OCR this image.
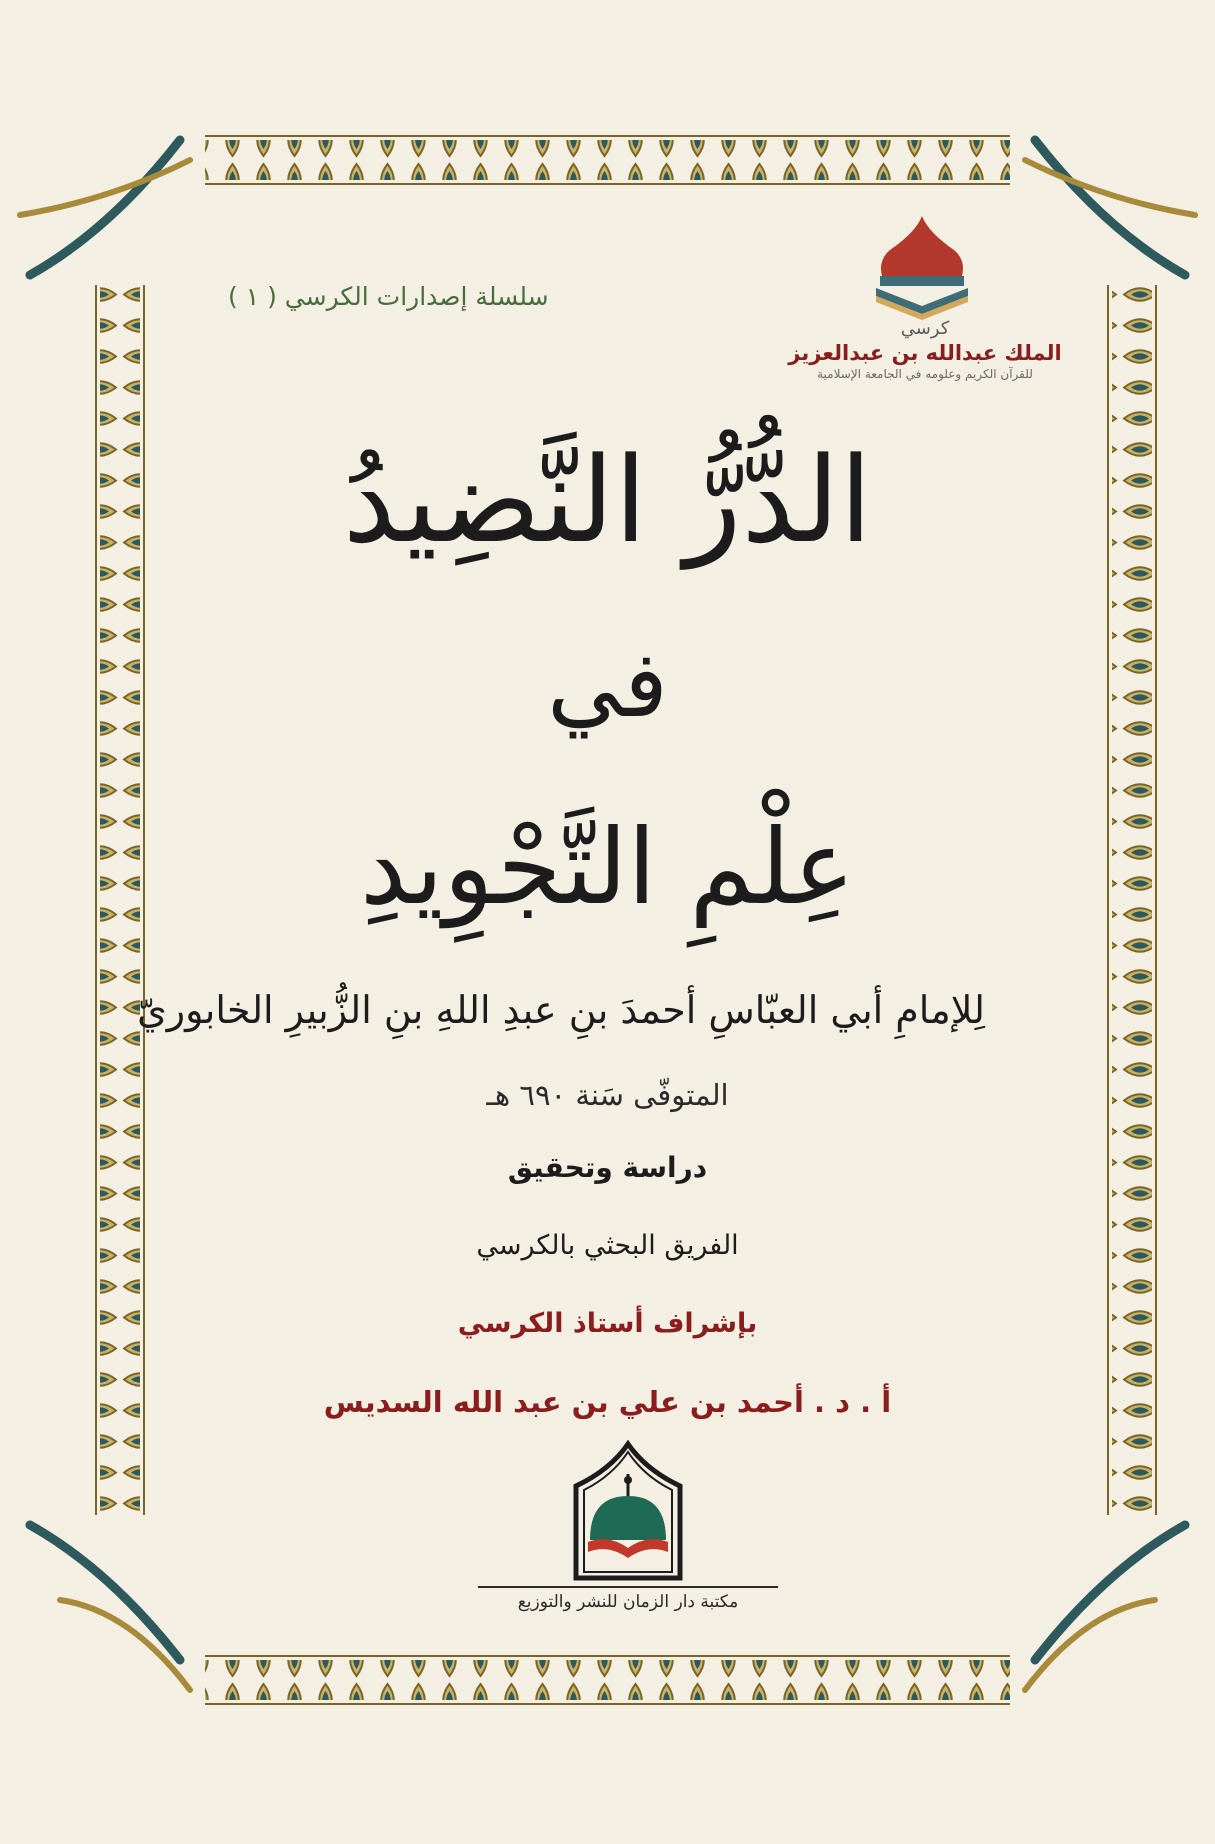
سلسلة إصدارات الكرسي ( ١ )
كرسي
الملك عبدالله بن عبدالعزيز
للقرآن الكريم وعلومه في الجامعة الإسلامية
الدُّرُّ النَّضِيدُ
في
عِلْمِ التَّجْوِيدِ
لِلإمامِ أبي العبّاسِ أحمدَ بنِ عبدِ اللهِ بنِ الزُّبيرِ الخابوريّ
المتوفّى سَنة ٦٩٠ هـ
دراسة وتحقيق
الفريق البحثي بالكرسي
بإشراف أستاذ الكرسي
أ . د . أحمد بن علي بن عبد الله السديس
مكتبة دار الزمان للنشر والتوزيع
